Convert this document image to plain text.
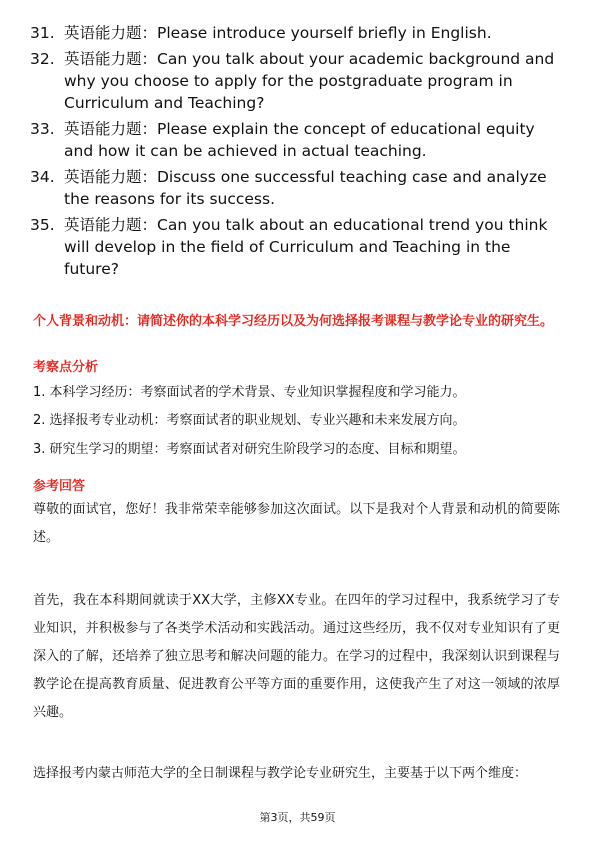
31. 英语能力题：Please introduce yourself briefly in English.
32. 英语能力题：Can you talk about your academic background and why you choose to apply for the postgraduate program in Curriculum and Teaching?
33. 英语能力题：Please explain the concept of educational equity and how it can be achieved in actual teaching.
34. 英语能力题：Discuss one successful teaching case and analyze the reasons for its success.
35. 英语能力题：Can you talk about an educational trend you think will develop in the field of Curriculum and Teaching in the future?
个人背景和动机：请简述你的本科学习经历以及为何选择报考课程与教学论专业的研究生。
考察点分析
1. 本科学习经历：考察面试者的学术背景、专业知识掌握程度和学习能力。
2. 选择报考专业动机：考察面试者的职业规划、专业兴趣和未来发展方向。
3. 研究生学习的期望：考察面试者对研究生阶段学习的态度、目标和期望。
参考回答
尊敬的面试官，您好！我非常荣幸能够参加这次面试。以下是我对个人背景和动机的简要陈述。
首先，我在本科期间就读于XX大学，主修XX专业。在四年的学习过程中，我系统学习了专业知识，并积极参与了各类学术活动和实践活动。通过这些经历，我不仅对专业知识有了更深入的了解，还培养了独立思考和解决问题的能力。在学习的过程中，我深刻认识到课程与教学论在提高教育质量、促进教育公平等方面的重要作用，这使我产生了对这一领域的浓厚兴趣。
选择报考内蒙古师范大学的全日制课程与教学论专业研究生，主要基于以下两个维度：
第3页，共59页
